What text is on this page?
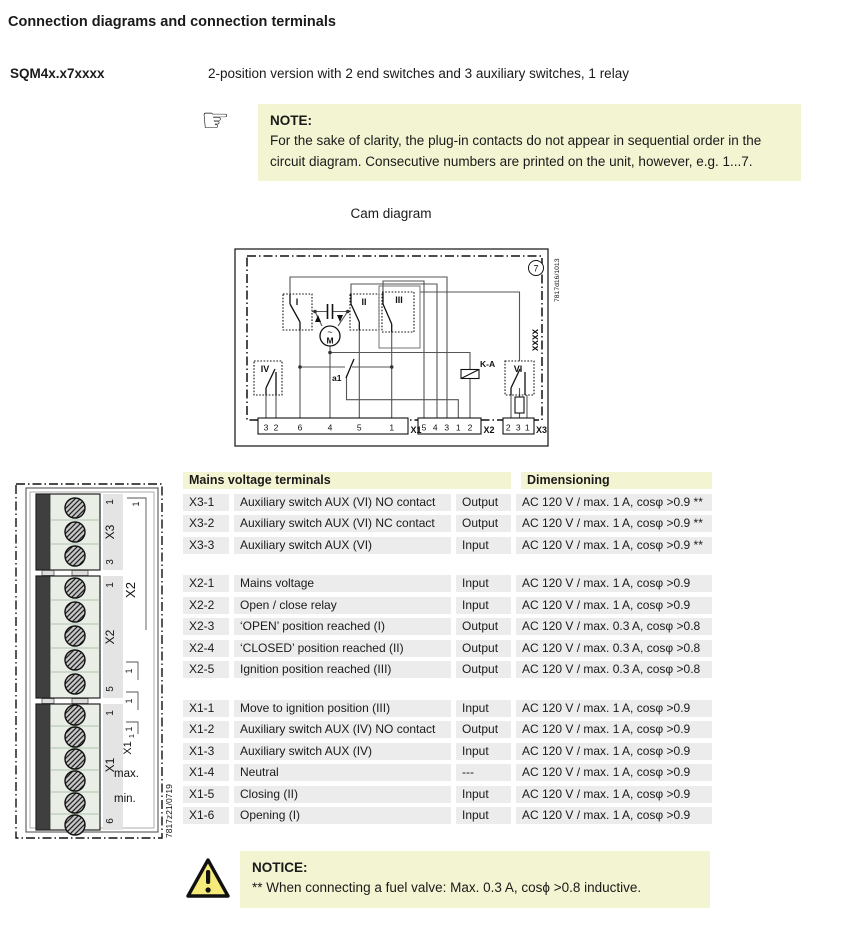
Connection diagrams and connection terminals
SQM4x.x7xxxx	2-position version with 2 end switches and 3 auxiliary switches, 1 relay
☞	NOTE:
For the sake of clarity, the plug-in contacts do not appear in sequential order in the circuit diagram. Consecutive numbers are printed on the unit, however, e.g. 1...7.
Cam diagram
7
xxxx
7817d16/1013
~
M
K-A
I	II	III
IV	VI
a1
3 2 6	4	5	1	5 4 3 1 2	2 3 1
X1	X2	X3
1
X3
3
1
X2
5
1
X1
6
1
X2
1
1
1
X1
1
max.
min.	7817z21/0719
Mains voltage terminals	Dimensioning
X3-1	Auxiliary switch AUX (VI) NO contact	Output	AC 120 V / max. 1 A, cosφ >0.9 **
X3-2	Auxiliary switch AUX (VI) NC contact	Output	AC 120 V / max. 1 A, cosφ >0.9 **
X3-3	Auxiliary switch AUX (VI)	Input	AC 120 V / max. 1 A, cosφ >0.9 **
X2-1	Mains voltage	Input	AC 120 V / max. 1 A, cosφ >0.9
X2-2	Open / close relay	Input	AC 120 V / max. 1 A, cosφ >0.9
X2-3	‘OPEN’ position reached (I)	Output	AC 120 V / max. 0.3 A, cosφ >0.8
X2-4	‘CLOSED’ position reached (II)	Output	AC 120 V / max. 0.3 A, cosφ >0.8
X2-5	Ignition position reached (III)	Output	AC 120 V / max. 0.3 A, cosφ >0.8
X1-1	Move to ignition position (III)	Input	AC 120 V / max. 1 A, cosφ >0.9
X1-2	Auxiliary switch AUX (IV) NO contact	Output	AC 120 V / max. 1 A, cosφ >0.9
X1-3	Auxiliary switch AUX (IV)	Input	AC 120 V / max. 1 A, cosφ >0.9
X1-4	Neutral	---	AC 120 V / max. 1 A, cosφ >0.9
X1-5	Closing (II)	Input	AC 120 V / max. 1 A, cosφ >0.9
X1-6	Opening (I)	Input	AC 120 V / max. 1 A, cosφ >0.9
NOTICE:
** When connecting a fuel valve: Max. 0.3 A, cosϕ >0.8 inductive.
